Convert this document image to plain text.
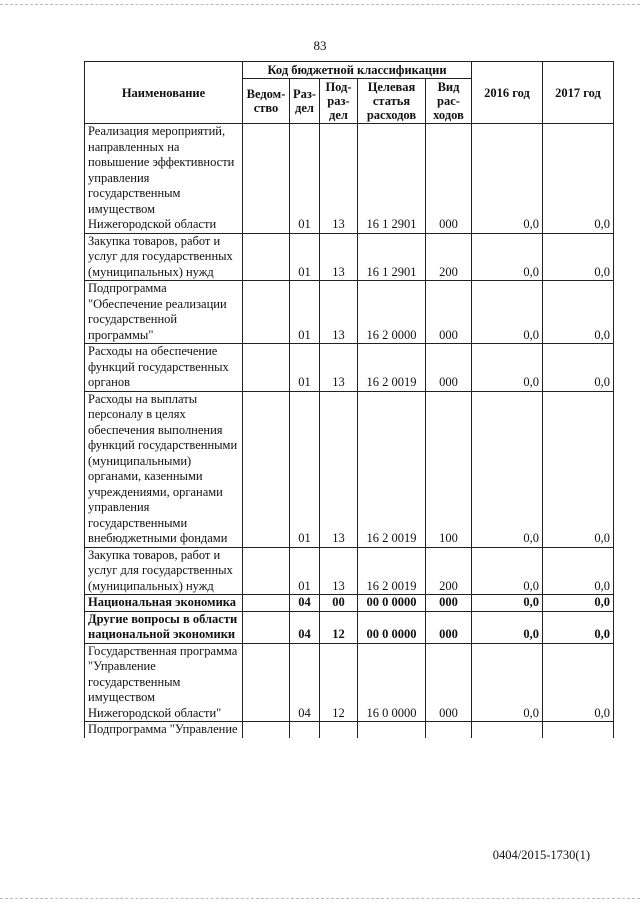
83
Наименование	Код бюджетной классификации					2016 год	2017 год
	Ведом-ство	Раз-дел	Под-раз-дел	Целевая статья расходов	Вид рас-ходов		
Реализация мероприятий, направленных на повышение эффективности управления государственным имуществом Нижегородской области		01	13	16 1 2901	000	0,0	0,0
Закупка товаров, работ и услуг для государственных (муниципальных) нужд		01	13	16 1 2901	200	0,0	0,0
Подпрограмма "Обеспечение реализации государственной программы"		01	13	16 2 0000	000	0,0	0,0
Расходы на обеспечение функций государственных органов		01	13	16 2 0019	000	0,0	0,0
Расходы на выплаты персоналу в целях обеспечения выполнения функций государственными (муниципальными) органами, казенными учреждениями, органами управления государственными внебюджетными фондами		01	13	16 2 0019	100	0,0	0,0
Закупка товаров, работ и услуг для государственных (муниципальных) нужд		01	13	16 2 0019	200	0,0	0,0
Национальная экономика		04	00	00 0 0000	000	0,0	0,0
Другие вопросы в области национальной экономики		04	12	00 0 0000	000	0,0	0,0
Государственная программа "Управление государственным имуществом Нижегородской области"		04	12	16 0 0000	000	0,0	0,0
Подпрограмма "Управление							
0404/2015-1730(1)
